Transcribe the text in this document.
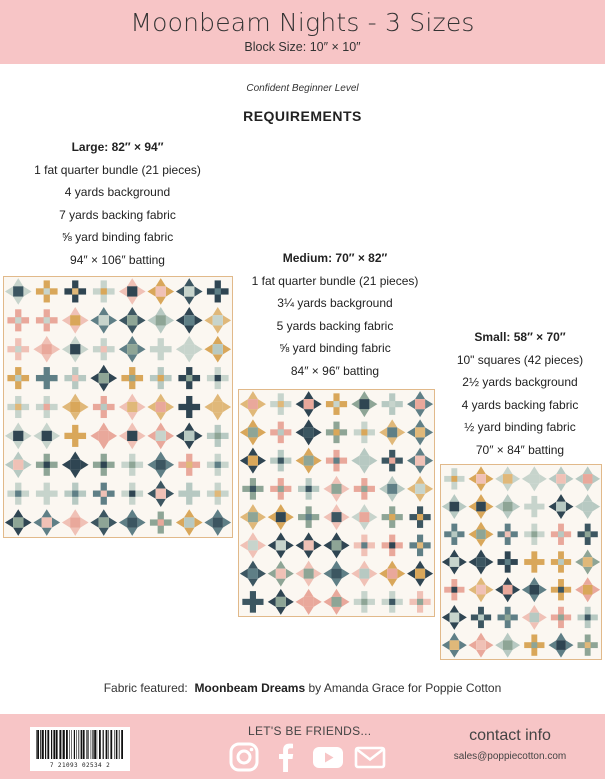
Moonbeam Nights - 3 Sizes
Block Size: 10″ × 10″
Confident Beginner Level
REQUIREMENTS
Large: 82″ × 94″
1 fat quarter bundle (21 pieces)
4 yards background
7 yards backing fabric
⅝ yard binding fabric
94″ × 106″ batting	Medium: 70″ × 82″
1 fat quarter bundle (21 pieces)
3¼ yards background
5 yards backing fabric
⅝ yard binding fabric
84″ × 96″ batting
Small: 58″ × 70″
10" squares (42 pieces)
2½ yards background
4 yards backing fabric
½ yard binding fabric
70″ × 84″ batting
Fabric featured: Moonbeam Dreams by Amanda Grace for Poppie Cotton
7 21093 02534 2
LET'S BE FRIENDS...	contact info
sales@poppiecotton.com
